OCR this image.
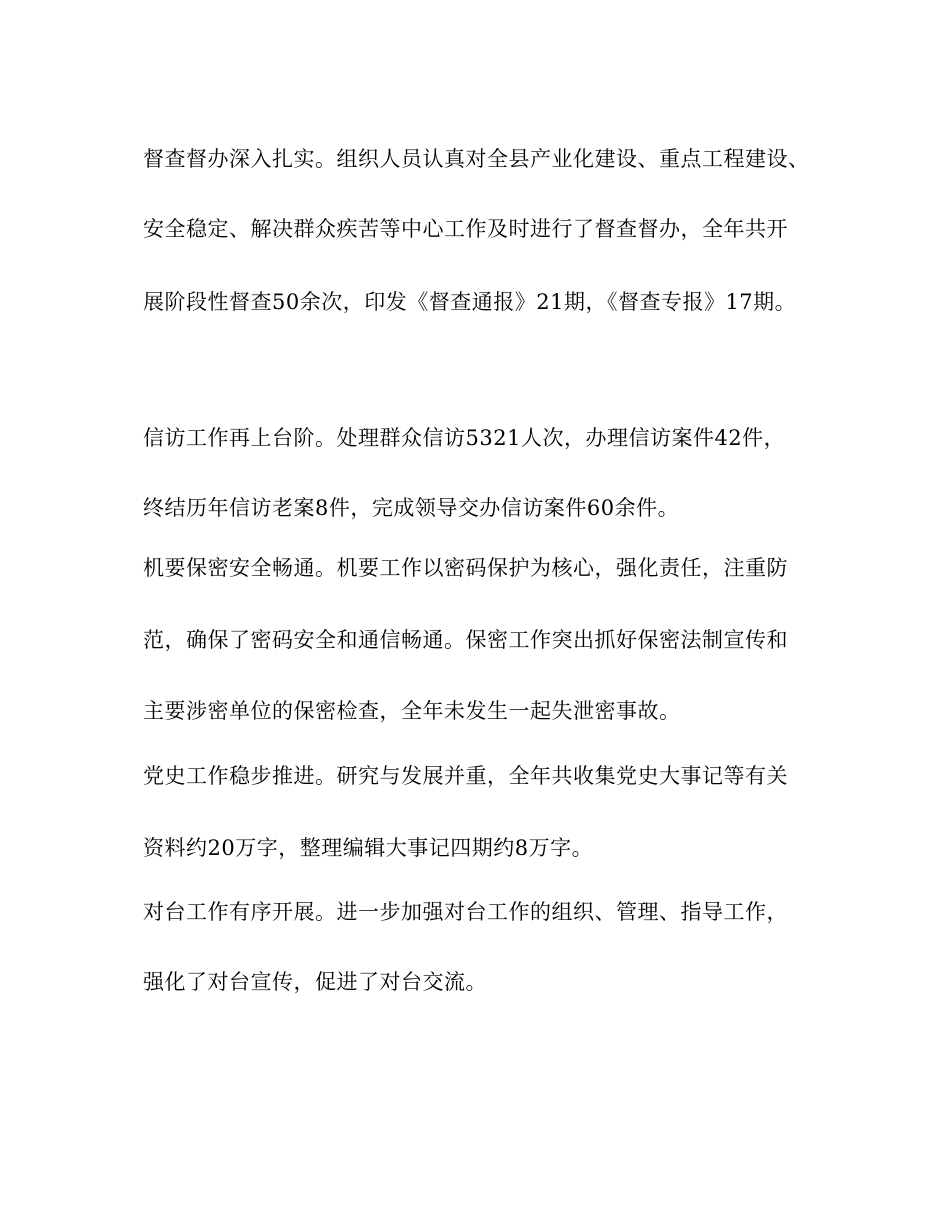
督查督办深入扎实。组织人员认真对全县产业化建设、重点工程建设、
安全稳定、解决群众疾苦等中心工作及时进行了督查督办，全年共开
展阶段性督查50余次，印发《督查通报》21期，《督查专报》17期。
信访工作再上台阶。处理群众信访5321人次，办理信访案件42件，
终结历年信访老案8件，完成领导交办信访案件60余件。
机要保密安全畅通。机要工作以密码保护为核心，强化责任，注重防
范，确保了密码安全和通信畅通。保密工作突出抓好保密法制宣传和
主要涉密单位的保密检查，全年未发生一起失泄密事故。
党史工作稳步推进。研究与发展并重，全年共收集党史大事记等有关
资料约20万字，整理编辑大事记四期约8万字。
对台工作有序开展。进一步加强对台工作的组织、管理、指导工作，
强化了对台宣传，促进了对台交流。
